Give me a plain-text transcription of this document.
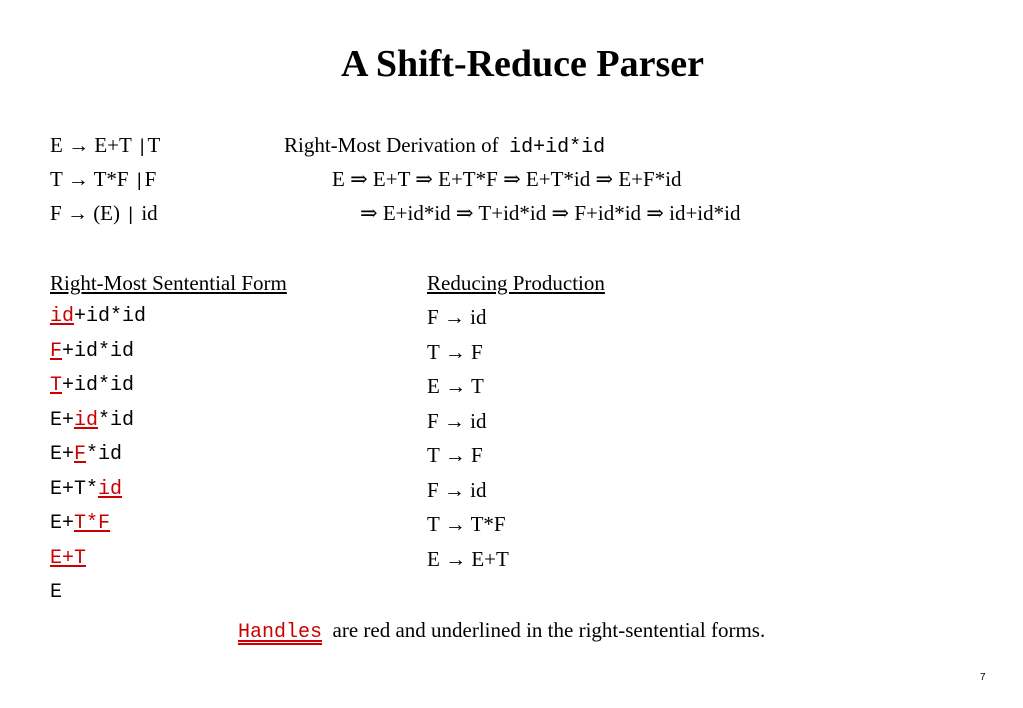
A Shift-Reduce Parser
E → E+T |T
T → T*F |F
F → (E) | id
Right-Most Derivation of id+id*id
E ⇒ E+T ⇒ E+T*F ⇒ E+T*id ⇒ E+F*id
⇒ E+id*id ⇒ T+id*id ⇒ F+id*id ⇒ id+id*id
Right-Most Sentential Form	Reducing Production
id+id*id	F → id
F+id*id	T → F
T+id*id	E → T
E+id*id	F → id
E+F*id	T → F
E+T*id	F → id
E+T*F	T → T*F
E+T	E → E+T
E
Handles are red and underlined in the right-sentential forms.
7
